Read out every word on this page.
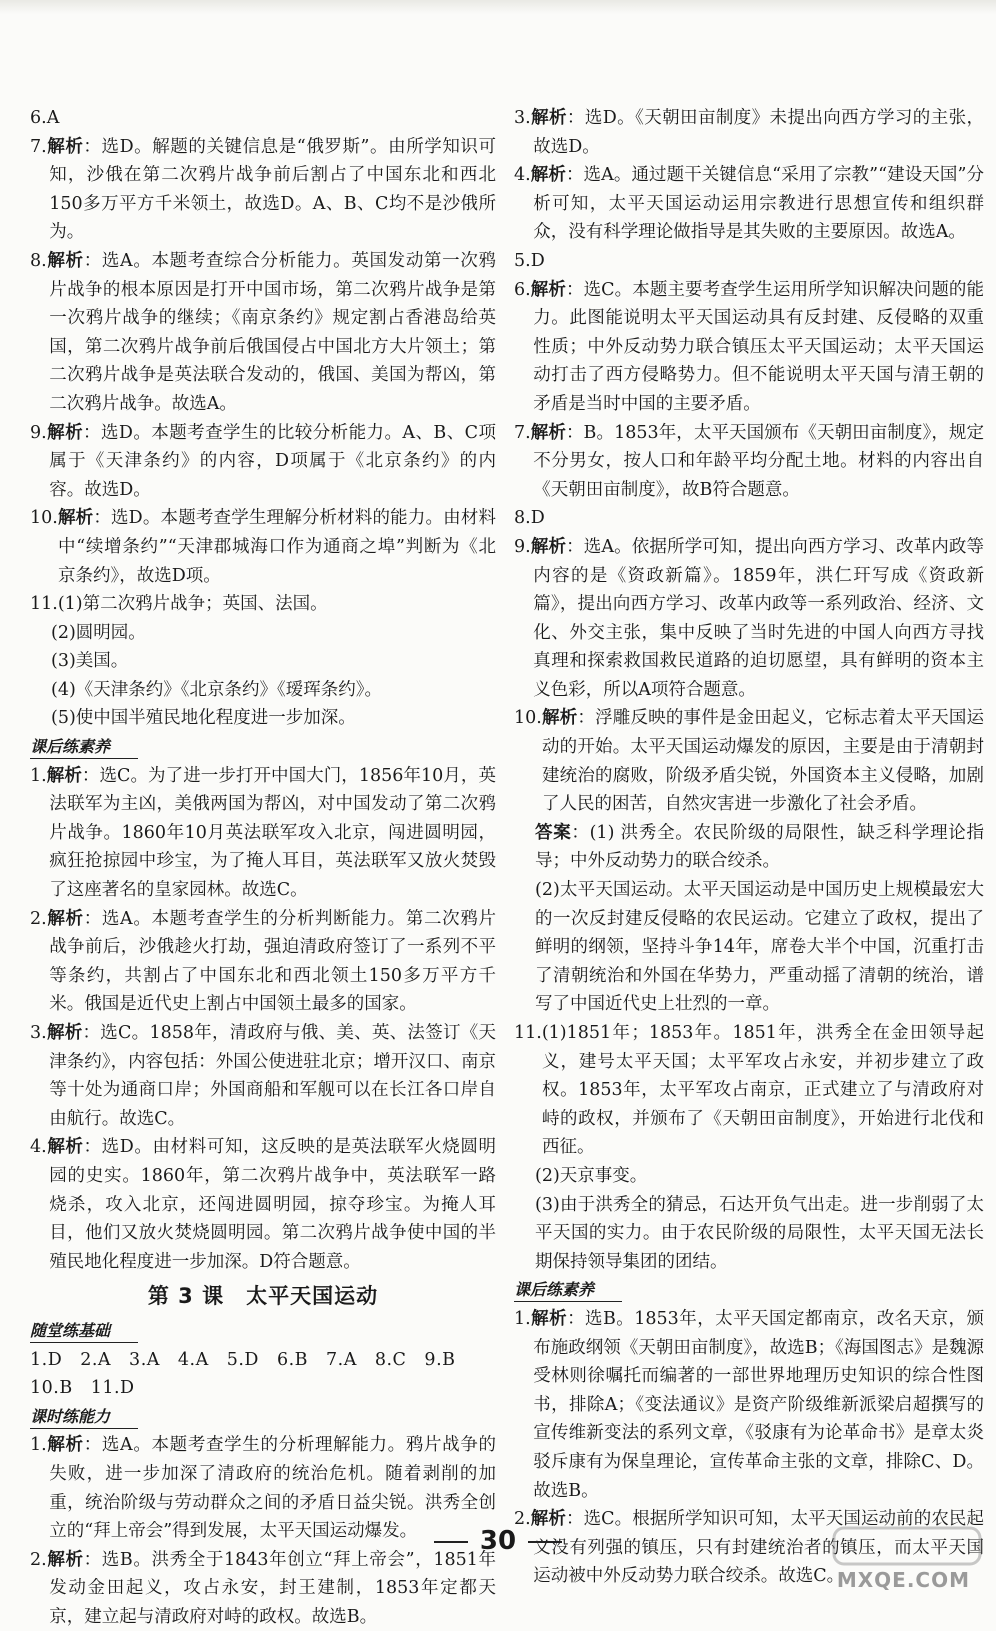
6.A

7.解析：选D。解题的关键信息是“俄罗斯”。由所学知识可知，沙俄在第二次鸦片战争前后割占了中国东北和西北150多万平方千米领土，故选D。A、B、C均不是沙俄所为。

8.解析：选A。本题考查综合分析能力。英国发动第一次鸦片战争的根本原因是打开中国市场，第二次鸦片战争是第一次鸦片战争的继续；《南京条约》规定割占香港岛给英国，第二次鸦片战争前后俄国侵占中国北方大片领土；第二次鸦片战争是英法联合发动的，俄国、美国为帮凶，第二次鸦片战争。故选A。

9.解析：选D。本题考查学生的比较分析能力。A、B、C项属于《天津条约》的内容，D项属于《北京条约》的内容。故选D。

10.解析：选D。本题考查学生理解分析材料的能力。由材料中“续增条约”“天津郡城海口作为通商之埠”判断为《北京条约》，故选D项。

11.(1)第二次鸦片战争；英国、法国。

(2)圆明园。

(3)美国。

(4)《天津条约》《北京条约》《瑷珲条约》。

(5)使中国半殖民地化程度进一步加深。

课后练素养

1.解析：选C。为了进一步打开中国大门，1856年10月，英法联军为主凶，美俄两国为帮凶，对中国发动了第二次鸦片战争。1860年10月英法联军攻入北京，闯进圆明园，疯狂抢掠园中珍宝，为了掩人耳目，英法联军又放火焚毁了这座著名的皇家园林。故选C。

2.解析：选A。本题考查学生的分析判断能力。第二次鸦片战争前后，沙俄趁火打劫，强迫清政府签订了一系列不平等条约，共割占了中国东北和西北领土150多万平方千米。俄国是近代史上割占中国领土最多的国家。

3.解析：选C。1858年，清政府与俄、美、英、法签订《天津条约》，内容包括：外国公使进驻北京；增开汉口、南京等十处为通商口岸；外国商船和军舰可以在长江各口岸自由航行。故选C。

4.解析：选D。由材料可知，这反映的是英法联军火烧圆明园的史实。1860年，第二次鸦片战争中，英法联军一路烧杀，攻入北京，还闯进圆明园，掠夺珍宝。为掩人耳目，他们又放火焚烧圆明园。第二次鸦片战争使中国的半殖民地化程度进一步加深。D符合题意。

第 3 课　太平天国运动
随堂练基础

1.D　2.A　3.A　4.A　5.D　6.B　7.A　8.C　9.B

10.B　11.D

课时练能力

1.解析：选A。本题考查学生的分析理解能力。鸦片战争的失败，进一步加深了清政府的统治危机。随着剥削的加重，统治阶级与劳动群众之间的矛盾日益尖锐。洪秀全创立的“拜上帝会”得到发展，太平天国运动爆发。

2.解析：选B。洪秀全于1843年创立“拜上帝会”，1851年发动金田起义，攻占永安，封王建制，1853年定都天京，建立起与清政府对峙的政权。故选B。

3.解析：选D。《天朝田亩制度》未提出向西方学习的主张，故选D。

4.解析：选A。通过题干关键信息“采用了宗教”“建设天国”分析可知，太平天国运动运用宗教进行思想宣传和组织群众，没有科学理论做指导是其失败的主要原因。故选A。

5.D

6.解析：选C。本题主要考查学生运用所学知识解决问题的能力。此图能说明太平天国运动具有反封建、反侵略的双重性质；中外反动势力联合镇压太平天国运动；太平天国运动打击了西方侵略势力。但不能说明太平天国与清王朝的矛盾是当时中国的主要矛盾。

7.解析：B。1853年，太平天国颁布《天朝田亩制度》，规定不分男女，按人口和年龄平均分配土地。材料的内容出自《天朝田亩制度》，故B符合题意。

8.D

9.解析：选A。依据所学可知，提出向西方学习、改革内政等内容的是《资政新篇》。1859年，洪仁玕写成《资政新篇》，提出向西方学习、改革内政等一系列政治、经济、文化、外交主张，集中反映了当时先进的中国人向西方寻找真理和探索救国救民道路的迫切愿望，具有鲜明的资本主义色彩，所以A项符合题意。

10.解析：浮雕反映的事件是金田起义，它标志着太平天国运动的开始。太平天国运动爆发的原因，主要是由于清朝封建统治的腐败，阶级矛盾尖锐，外国资本主义侵略，加剧了人民的困苦，自然灾害进一步激化了社会矛盾。

答案：(1) 洪秀全。农民阶级的局限性，缺乏科学理论指导；中外反动势力的联合绞杀。

(2)太平天国运动。太平天国运动是中国历史上规模最宏大的一次反封建反侵略的农民运动。它建立了政权，提出了鲜明的纲领，坚持斗争14年，席卷大半个中国，沉重打击了清朝统治和外国在华势力，严重动摇了清朝的统治，谱写了中国近代史上壮烈的一章。

11.(1)1851年；1853年。1851年，洪秀全在金田领导起义，建号太平天国；太平军攻占永安，并初步建立了政权。1853年，太平军攻占南京，正式建立了与清政府对峙的政权，并颁布了《天朝田亩制度》，开始进行北伐和西征。

(2)天京事变。

(3)由于洪秀全的猜忌，石达开负气出走。进一步削弱了太平天国的实力。由于农民阶级的局限性，太平天国无法长期保持领导集团的团结。

课后练素养

1.解析：选B。1853年，太平天国定都南京，改名天京，颁布施政纲领《天朝田亩制度》，故选B；《海国图志》是魏源受林则徐嘱托而编著的一部世界地理历史知识的综合性图书，排除A；《变法通议》是资产阶级维新派梁启超撰写的宣传维新变法的系列文章，《驳康有为论革命书》是章太炎驳斥康有为保皇理论，宣传革命主张的文章，排除C、D。故选B。

2.解析：选C。根据所学知识可知，太平天国运动前的农民起义没有列强的镇压，只有封建统治者的镇压，而太平天国运动被中外反动势力联合绞杀。故选C。

30
MXQE.COM
